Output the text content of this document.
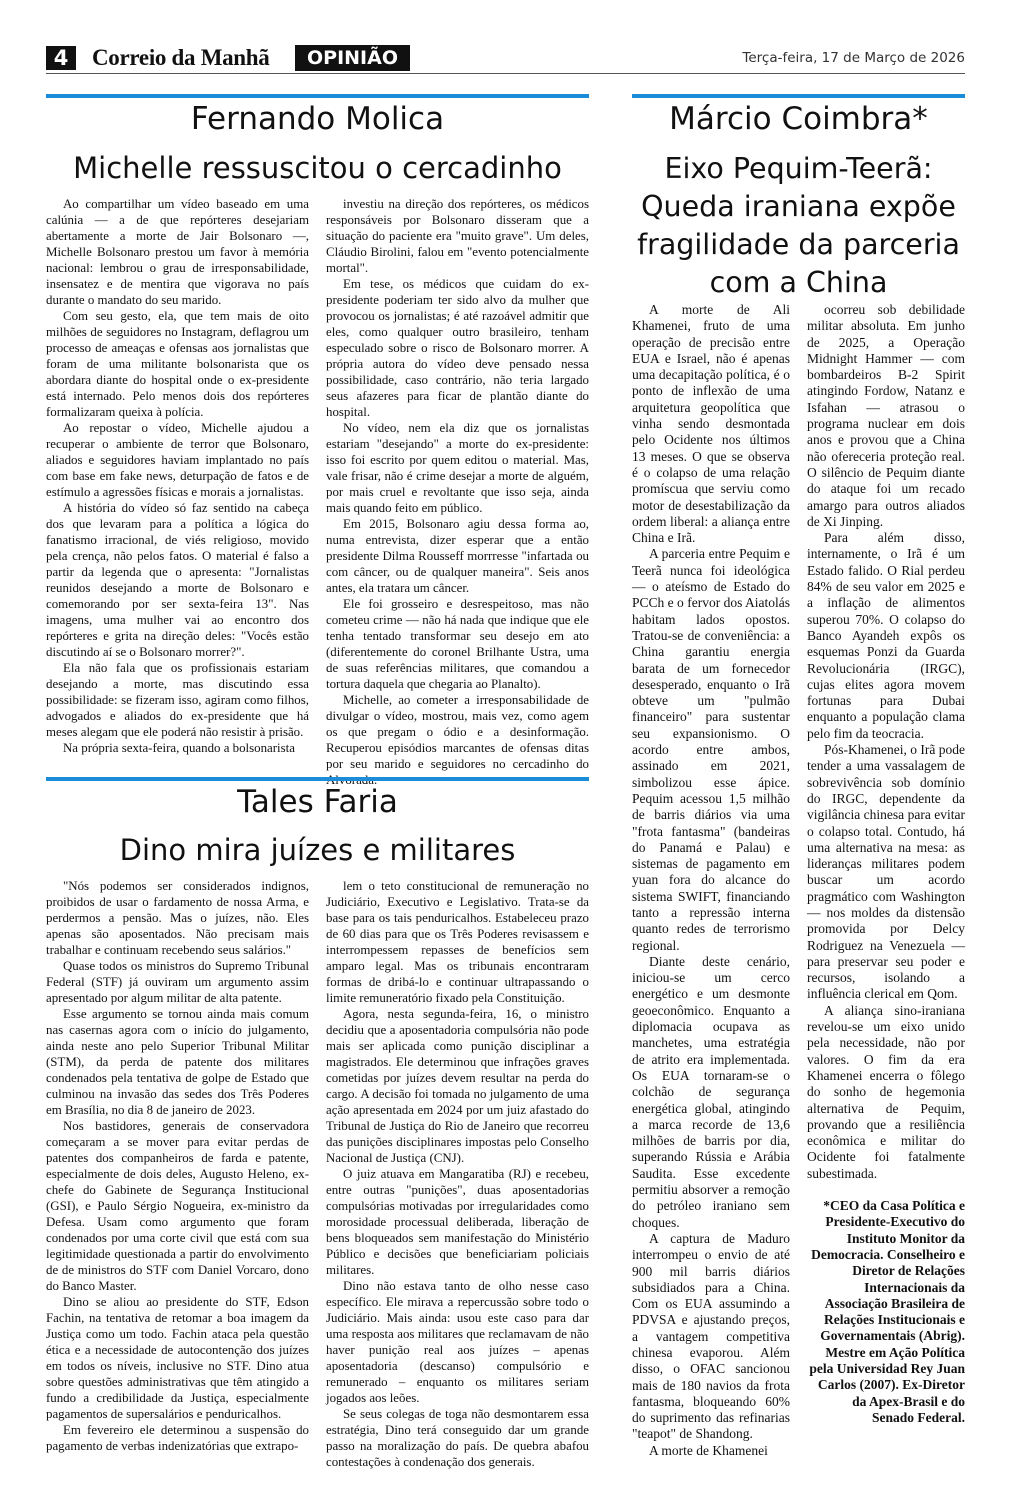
4	Correio da Manhã	OPINIÃO	Terça-feira, 17 de Março de 2026
Fernando Molica
Michelle ressuscitou o cercadinho

Ao compartilhar um vídeo baseado em uma calúnia — a de que repórteres desejariam abertamente a morte de Jair Bolsonaro —, Michelle Bolsonaro prestou um favor à memória nacional: lembrou o grau de irresponsabilidade, insensatez e de mentira que vigorava no país durante o mandato do seu marido.

Com seu gesto, ela, que tem mais de oito milhões de seguidores no Instagram, deflagrou um processo de ameaças e ofensas aos jornalistas que foram de uma militante bolsonarista que os abordara diante do hospital onde o ex-presidente está internado. Pelo menos dois dos repórteres formalizaram queixa à polícia.

Ao repostar o vídeo, Michelle ajudou a recuperar o ambiente de terror que Bolsonaro, aliados e seguidores haviam implantado no país com base em fake news, deturpação de fatos e de estímulo a agressões físicas e morais a jornalistas.

A história do vídeo só faz sentido na cabeça dos que levaram para a política a lógica do fanatismo irracional, de viés religioso, movido pela crença, não pelos fatos. O material é falso a partir da legenda que o apresenta: "Jornalistas reunidos desejando a morte de Bolsonaro e comemorando por ser sexta-feira 13". Nas imagens, uma mulher vai ao encontro dos repórteres e grita na direção deles: "Vocês estão discutindo aí se o Bolsonaro morrer?".

Ela não fala que os profissionais estariam desejando a morte, mas discutindo essa possibilidade: se fizeram isso, agiram como filhos, advogados e aliados do ex-presidente que há meses alegam que ele poderá não resistir à prisão.

Na própria sexta-feira, quando a bolsonarista

investiu na direção dos repórteres, os médicos responsáveis por Bolsonaro disseram que a situação do paciente era "muito grave". Um deles, Cláudio Birolini, falou em "evento potencialmente mortal".

Em tese, os médicos que cuidam do ex-presidente poderiam ter sido alvo da mulher que provocou os jornalistas; é até razoável admitir que eles, como qualquer outro brasileiro, tenham especulado sobre o risco de Bolsonaro morrer. A própria autora do vídeo deve pensado nessa possibilidade, caso contrário, não teria largado seus afazeres para ficar de plantão diante do hospital.

No vídeo, nem ela diz que os jornalistas estariam "desejando" a morte do ex-presidente: isso foi escrito por quem editou o material. Mas, vale frisar, não é crime desejar a morte de alguém, por mais cruel e revoltante que isso seja, ainda mais quando feito em público.

Em 2015, Bolsonaro agiu dessa forma ao, numa entrevista, dizer esperar que a então presidente Dilma Rousseff morrresse "infartada ou com câncer, ou de qualquer maneira". Seis anos antes, ela tratara um câncer.

Ele foi grosseiro e desrespeitoso, mas não cometeu crime — não há nada que indique que ele tenha tentado transformar seu desejo em ato (diferentemente do coronel Brilhante Ustra, uma de suas referências militares, que comandou a tortura daquela que chegaria ao Planalto).

Michelle, ao cometer a irresponsabilidade de divulgar o vídeo, mostrou, mais vez, como agem os que pregam o ódio e a desinformação. Recuperou episódios marcantes de ofensas ditas por seu marido e seguidores no cercadinho do

Tales Faria
Dino mira juízes e militares

"Nós podemos ser considerados indignos, proibidos de usar o fardamento de nossa Arma, e perdermos a pensão. Mas o juízes, não. Eles apenas são aposentados. Não precisam mais trabalhar e continuam recebendo seus salários."

Quase todos os ministros do Supremo Tribunal Federal (STF) já ouviram um argumento assim apresentado por algum militar de alta patente.

Esse argumento se tornou ainda mais comum nas casernas agora com o início do julgamento, ainda neste ano pelo Superior Tribunal Militar (STM), da perda de patente dos militares condenados pela tentativa de golpe de Estado que culminou na invasão das sedes dos Três Poderes em Brasília, no dia 8 de janeiro de 2023.

Nos bastidores, generais de conservadora começaram a se mover para evitar perdas de patentes dos companheiros de farda e patente, especialmente de dois deles, Augusto Heleno, ex-chefe do Gabinete de Segurança Institucional (GSI), e Paulo Sérgio Nogueira, ex-ministro da Defesa. Usam como argumento que foram condenados por uma corte civil que está com sua legitimidade questionada a partir do envolvimento de de ministros do STF com Daniel Vorcaro, dono do Banco Master.

Dino se aliou ao presidente do STF, Edson Fachin, na tentativa de retomar a boa imagem da Justiça como um todo. Fachin ataca pela questão ética e a necessidade de autocontenção dos juízes em todos os níveis, inclusive no STF. Dino atua sobre questões administrativas que têm atingido a fundo a credibilidade da Justiça, especialmente pagamentos de supersalários e penduricalhos.

Em fevereiro ele determinou a suspensão do pagamento de verbas indenizatórias que extrapo-

lem o teto constitucional de remuneração no Judiciário, Executivo e Legislativo. Trata-se da base para os tais penduricalhos. Estabeleceu prazo de 60 dias para que os Três Poderes revisassem e interrompessem repasses de benefícios sem amparo legal. Mas os tribunais encontraram formas de dribá-lo e continuar ultrapassando o limite remuneratório fixado pela Constituição.

Agora, nesta segunda-feira, 16, o ministro decidiu que a aposentadoria compulsória não pode mais ser aplicada como punição disciplinar a magistrados. Ele determinou que infrações graves cometidas por juízes devem resultar na perda do cargo. A decisão foi tomada no julgamento de uma ação apresentada em 2024 por um juiz afastado do Tribunal de Justiça do Rio de Janeiro que recorreu das punições disciplinares impostas pelo Conselho Nacional de Justiça (CNJ).

O juiz atuava em Mangaratiba (RJ) e recebeu, entre outras "punições", duas aposentadorias compulsórias motivadas por irregularidades como morosidade processual deliberada, liberação de bens bloqueados sem manifestação do Ministério Público e decisões que beneficiariam policiais militares.

Dino não estava tanto de olho nesse caso específico. Ele mirava a repercussão sobre todo o Judiciário. Mais ainda: usou este caso para dar uma resposta aos militares que reclamavam de não haver punição real aos juízes – apenas aposentadoria (descanso) compulsório e remunerado – enquanto os militares seriam jogados aos leões.

Se seus colegas de toga não desmontarem essa estratégia, Dino terá conseguido dar um grande passo na moralização do país. De quebra abafou contestações à condenação dos generais.

Márcio Coimbra*
Eixo Pequim-Teerã: Queda iraniana expõe fragilidade da parceria com a China

A morte de Ali Khamenei, fruto de uma operação de precisão entre EUA e Israel, não é apenas uma decapitação política, é o ponto de inflexão de uma arquitetura geopolítica que vinha sendo desmontada pelo Ocidente nos últimos 13 meses. O que se observa é o colapso de uma relação promíscua que serviu como motor de desestabilização da ordem liberal: a aliança entre China e Irã.

A parceria entre Pequim e Teerã nunca foi ideológica — o ateísmo de Estado do PCCh e o fervor dos Aiatolás habitam lados opostos. Tratou-se de conveniência: a China garantiu energia barata de um fornecedor desesperado, enquanto o Irã obteve um "pulmão financeiro" para sustentar seu expansionismo. O acordo entre ambos, assinado em 2021, simbolizou esse ápice. Pequim acessou 1,5 milhão de barris diários via uma "frota fantasma" (bandeiras do Panamá e Palau) e sistemas de pagamento em yuan fora do alcance do sistema SWIFT, financiando tanto a repressão interna quanto redes de terrorismo regional.

Diante deste cenário, iniciou-se um cerco energético e um desmonte geoeconômico. Enquanto a diplomacia ocupava as manchetes, uma estratégia de atrito era implementada. Os EUA tornaram-se o colchão de segurança energética global, atingindo a marca recorde de 13,6 milhões de barris por dia, superando Rússia e Arábia Saudita. Esse excedente permitiu absorver a remoção do petróleo iraniano sem choques.

A captura de Maduro interrompeu o envio de até 900 mil barris diários subsidiados para a China. Com os EUA assumindo a PDVSA e ajustando preços, a vantagem competitiva chinesa evaporou. Além disso, o OFAC sancionou mais de 180 navios da frota fantasma, bloqueando 60% do suprimento das refinarias "teapot" de Shandong.

A morte de Khamenei

ocorreu sob debilidade militar absoluta. Em junho de 2025, a Operação Midnight Hammer — com bombardeiros B-2 Spirit atingindo Fordow, Natanz e Isfahan — atrasou o programa nuclear em dois anos e provou que a China não ofereceria proteção real. O silêncio de Pequim diante do ataque foi um recado amargo para outros aliados de Xi Jinping.

Para além disso, internamente, o Irã é um Estado falido. O Rial perdeu 84% de seu valor em 2025 e a inflação de alimentos superou 70%. O colapso do Banco Ayandeh expôs os esquemas Ponzi da Guarda Revolucionária (IRGC), cujas elites agora movem fortunas para Dubai enquanto a população clama pelo fim da teocracia.

Pós-Khamenei, o Irã pode tender a uma vassalagem de sobrevivência sob domínio do IRGC, dependente da vigilância chinesa para evitar o colapso total. Contudo, há uma alternativa na mesa: as lideranças militares podem buscar um acordo pragmático com Washington — nos moldes da distensão promovida por Delcy Rodriguez na Venezuela — para preservar seu poder e recursos, isolando a influência clerical em Qom.

A aliança sino-iraniana revelou-se um eixo unido pela necessidade, não por valores. O fim da era Khamenei encerra o fôlego do sonho de hegemonia alternativa de Pequim, provando que a resiliência econômica e militar do Ocidente foi fatalmente subestimada.

*CEO da Casa Política e Presidente-Executivo do Instituto Monitor da Democracia. Conselheiro e Diretor de Relações Internacionais da Associação Brasileira de Relações Institucionais e Governamentais (Abrig). Mestre em Ação Política pela Universidad Rey Juan Carlos (2007). Ex-Diretor da Apex-Brasil e do Senado Federal.
